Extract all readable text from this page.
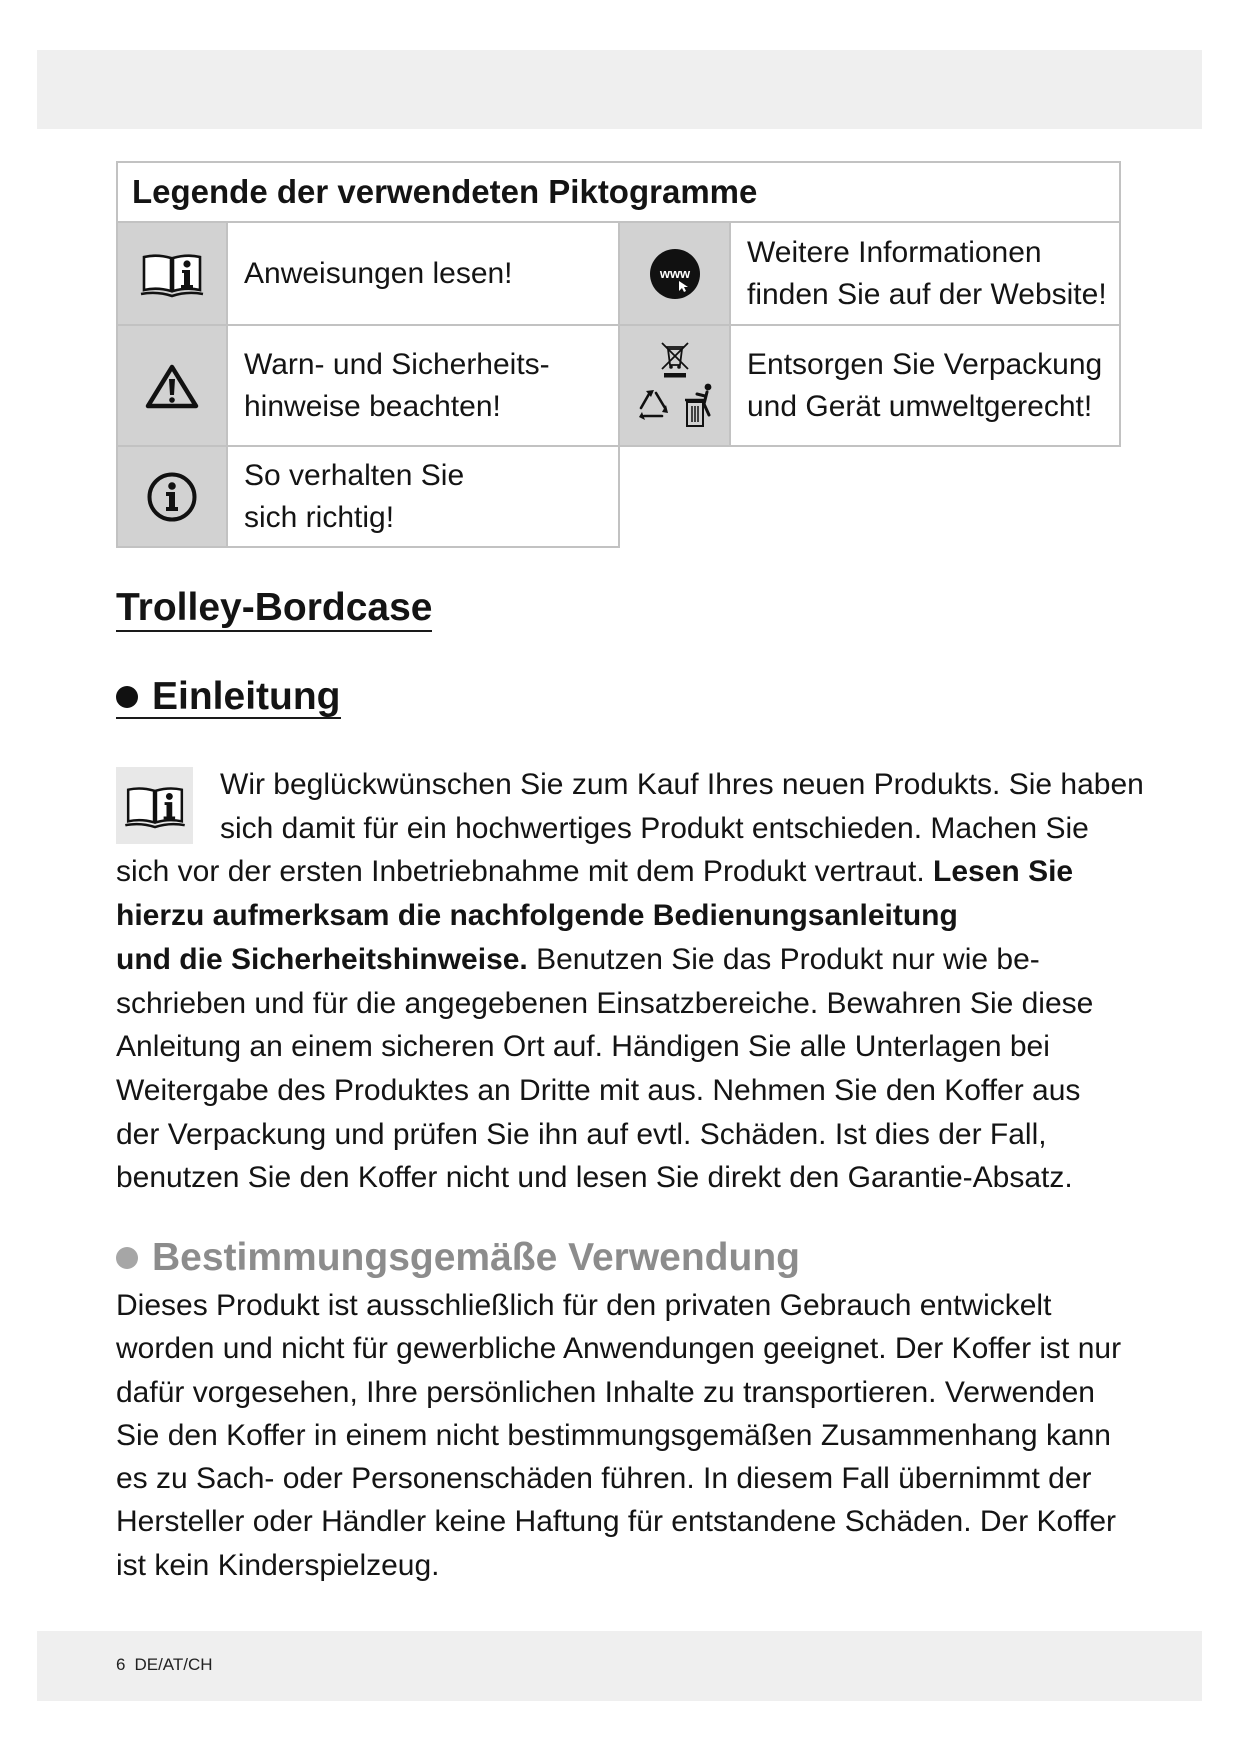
Legende der verwendeten Piktogramme
Anweisungen lesen!	www
Weitere Informationen
finden Sie auf der Website!
Warn- und Sicherheits-
hinweise beachten!
Entsorgen Sie Verpackung
und Gerät umweltgerecht!
So verhalten Sie
sich richtig!
Trolley-Bordcase
Einleitung
Wir beglückwünschen Sie zum Kauf Ihres neuen Produkts. Sie haben
sich damit für ein hochwertiges Produkt entschieden. Machen Sie
sich vor der ersten Inbetriebnahme mit dem Produkt vertraut. Lesen Sie
hierzu aufmerksam die nachfolgende Bedienungsanleitung
und die Sicherheitshinweise. Benutzen Sie das Produkt nur wie be-
schrieben und für die angegebenen Einsatzbereiche. Bewahren Sie diese
Anleitung an einem sicheren Ort auf. Händigen Sie alle Unterlagen bei
Weitergabe des Produktes an Dritte mit aus. Nehmen Sie den Koffer aus
der Verpackung und prüfen Sie ihn auf evtl. Schäden. Ist dies der Fall,
benutzen Sie den Koffer nicht und lesen Sie direkt den Garantie-Absatz.
Bestimmungsgemäße Verwendung
Dieses Produkt ist ausschließlich für den privaten Gebrauch entwickelt
worden und nicht für gewerbliche Anwendungen geeignet. Der Koffer ist nur
dafür vorgesehen, Ihre persönlichen Inhalte zu transportieren. Verwenden
Sie den Koffer in einem nicht bestimmungsgemäßen Zusammenhang kann
es zu Sach- oder Personenschäden führen. In diesem Fall übernimmt der
Hersteller oder Händler keine Haftung für entstandene Schäden. Der Koffer
ist kein Kinderspielzeug.
6 DE/AT/CH
